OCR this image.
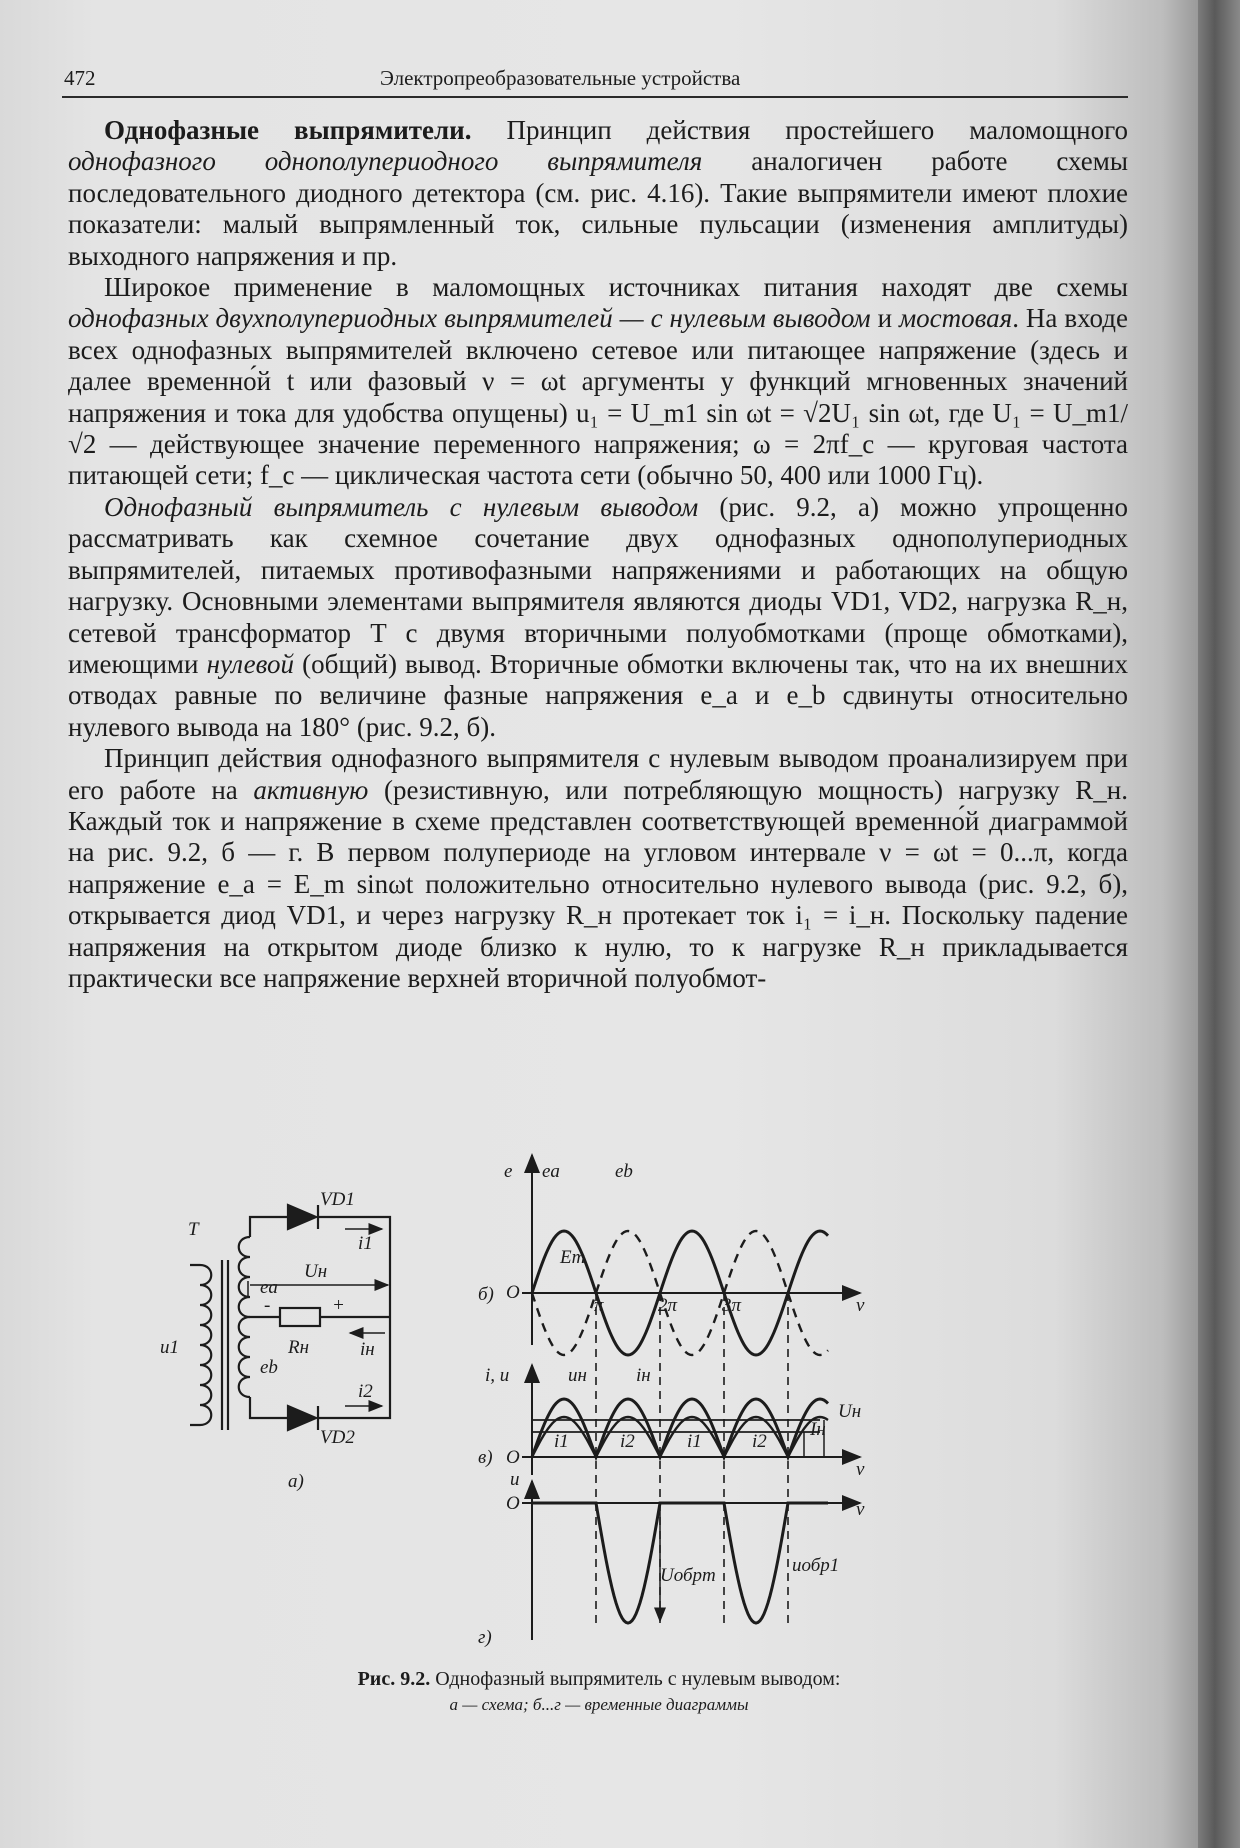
472	Электропреобразовательные устройства

Однофазные выпрямители. Принцип действия простейшего маломощного однофазного однополупериодного выпрямителя аналогичен работе схемы последовательного диодного детектора (см. рис. 4.16). Такие выпрямители имеют плохие показатели: малый выпрямленный ток, сильные пульсации (изменения амплитуды) выходного напряжения и пр.

Широкое применение в маломощных источниках питания находят две схемы однофазных двухполупериодных выпрямителей — с нулевым выводом и мостовая. На входе всех однофазных выпрямителей включено сетевое или питающее напряжение (здесь и далее временно́й t или фазовый ν = ωt аргументы у функций мгновенных значений напряжения и тока для удобства опущены) u₁ = U_m1 sin ωt = √2U₁ sin ωt, где U₁ = U_m1/√2 — действующее значение переменного напряжения; ω = 2πf_c — круговая частота питающей сети; f_c — циклическая частота сети (обычно 50, 400 или 1000 Гц).

Однофазный выпрямитель с нулевым выводом (рис. 9.2, а) можно упрощенно рассматривать как схемное сочетание двух однофазных однополупериодных выпрямителей, питаемых противофазными напряжениями и работающих на общую нагрузку. Основными элементами выпрямителя являются диоды VD1, VD2, нагрузка R_н, сетевой трансформатор T с двумя вторичными полуобмотками (проще обмотками), имеющими нулевой (общий) вывод. Вторичные обмотки включены так, что на их внешних отводах равные по величине фазные напряжения e_a и e_b сдвинуты относительно нулевого вывода на 180° (рис. 9.2, б).

Принцип действия однофазного выпрямителя с нулевым выводом проанализируем при его работе на активную (резистивную, или потребляющую мощность) нагрузку R_н. Каждый ток и напряжение в схеме представлен соответствующей временно́й диаграммой на рис. 9.2, б — г. В первом полупериоде на угловом интервале ν = ωt = 0...π, когда напряжение e_a = E_m sinωt положительно относительно нулевого вывода (рис. 9.2, б), открывается диод VD1, и через нагрузку R_н протекает ток i₁ = i_н. Поскольку падение напряжения на открытом диоде близко к нулю, то к нагрузке R_н прикладывается практически все напряжение верхней вторичной полуобмот-

T
VD1
VD2
i1
i2
iн
ea
eb
u1
Uн
Rн
-	+
а)
б)
e ea	eb
Em
O
π	2π 3π	ν
в)
i, u	uн	iн
O
i1	i2	i1	i2
Iн
Uн
ν
г)
u
O
Uобрm	uобр1
ν
Рис. 9.2. Однофазный выпрямитель с нулевым выводом:
а — схема; б...г — временные диаграммы
